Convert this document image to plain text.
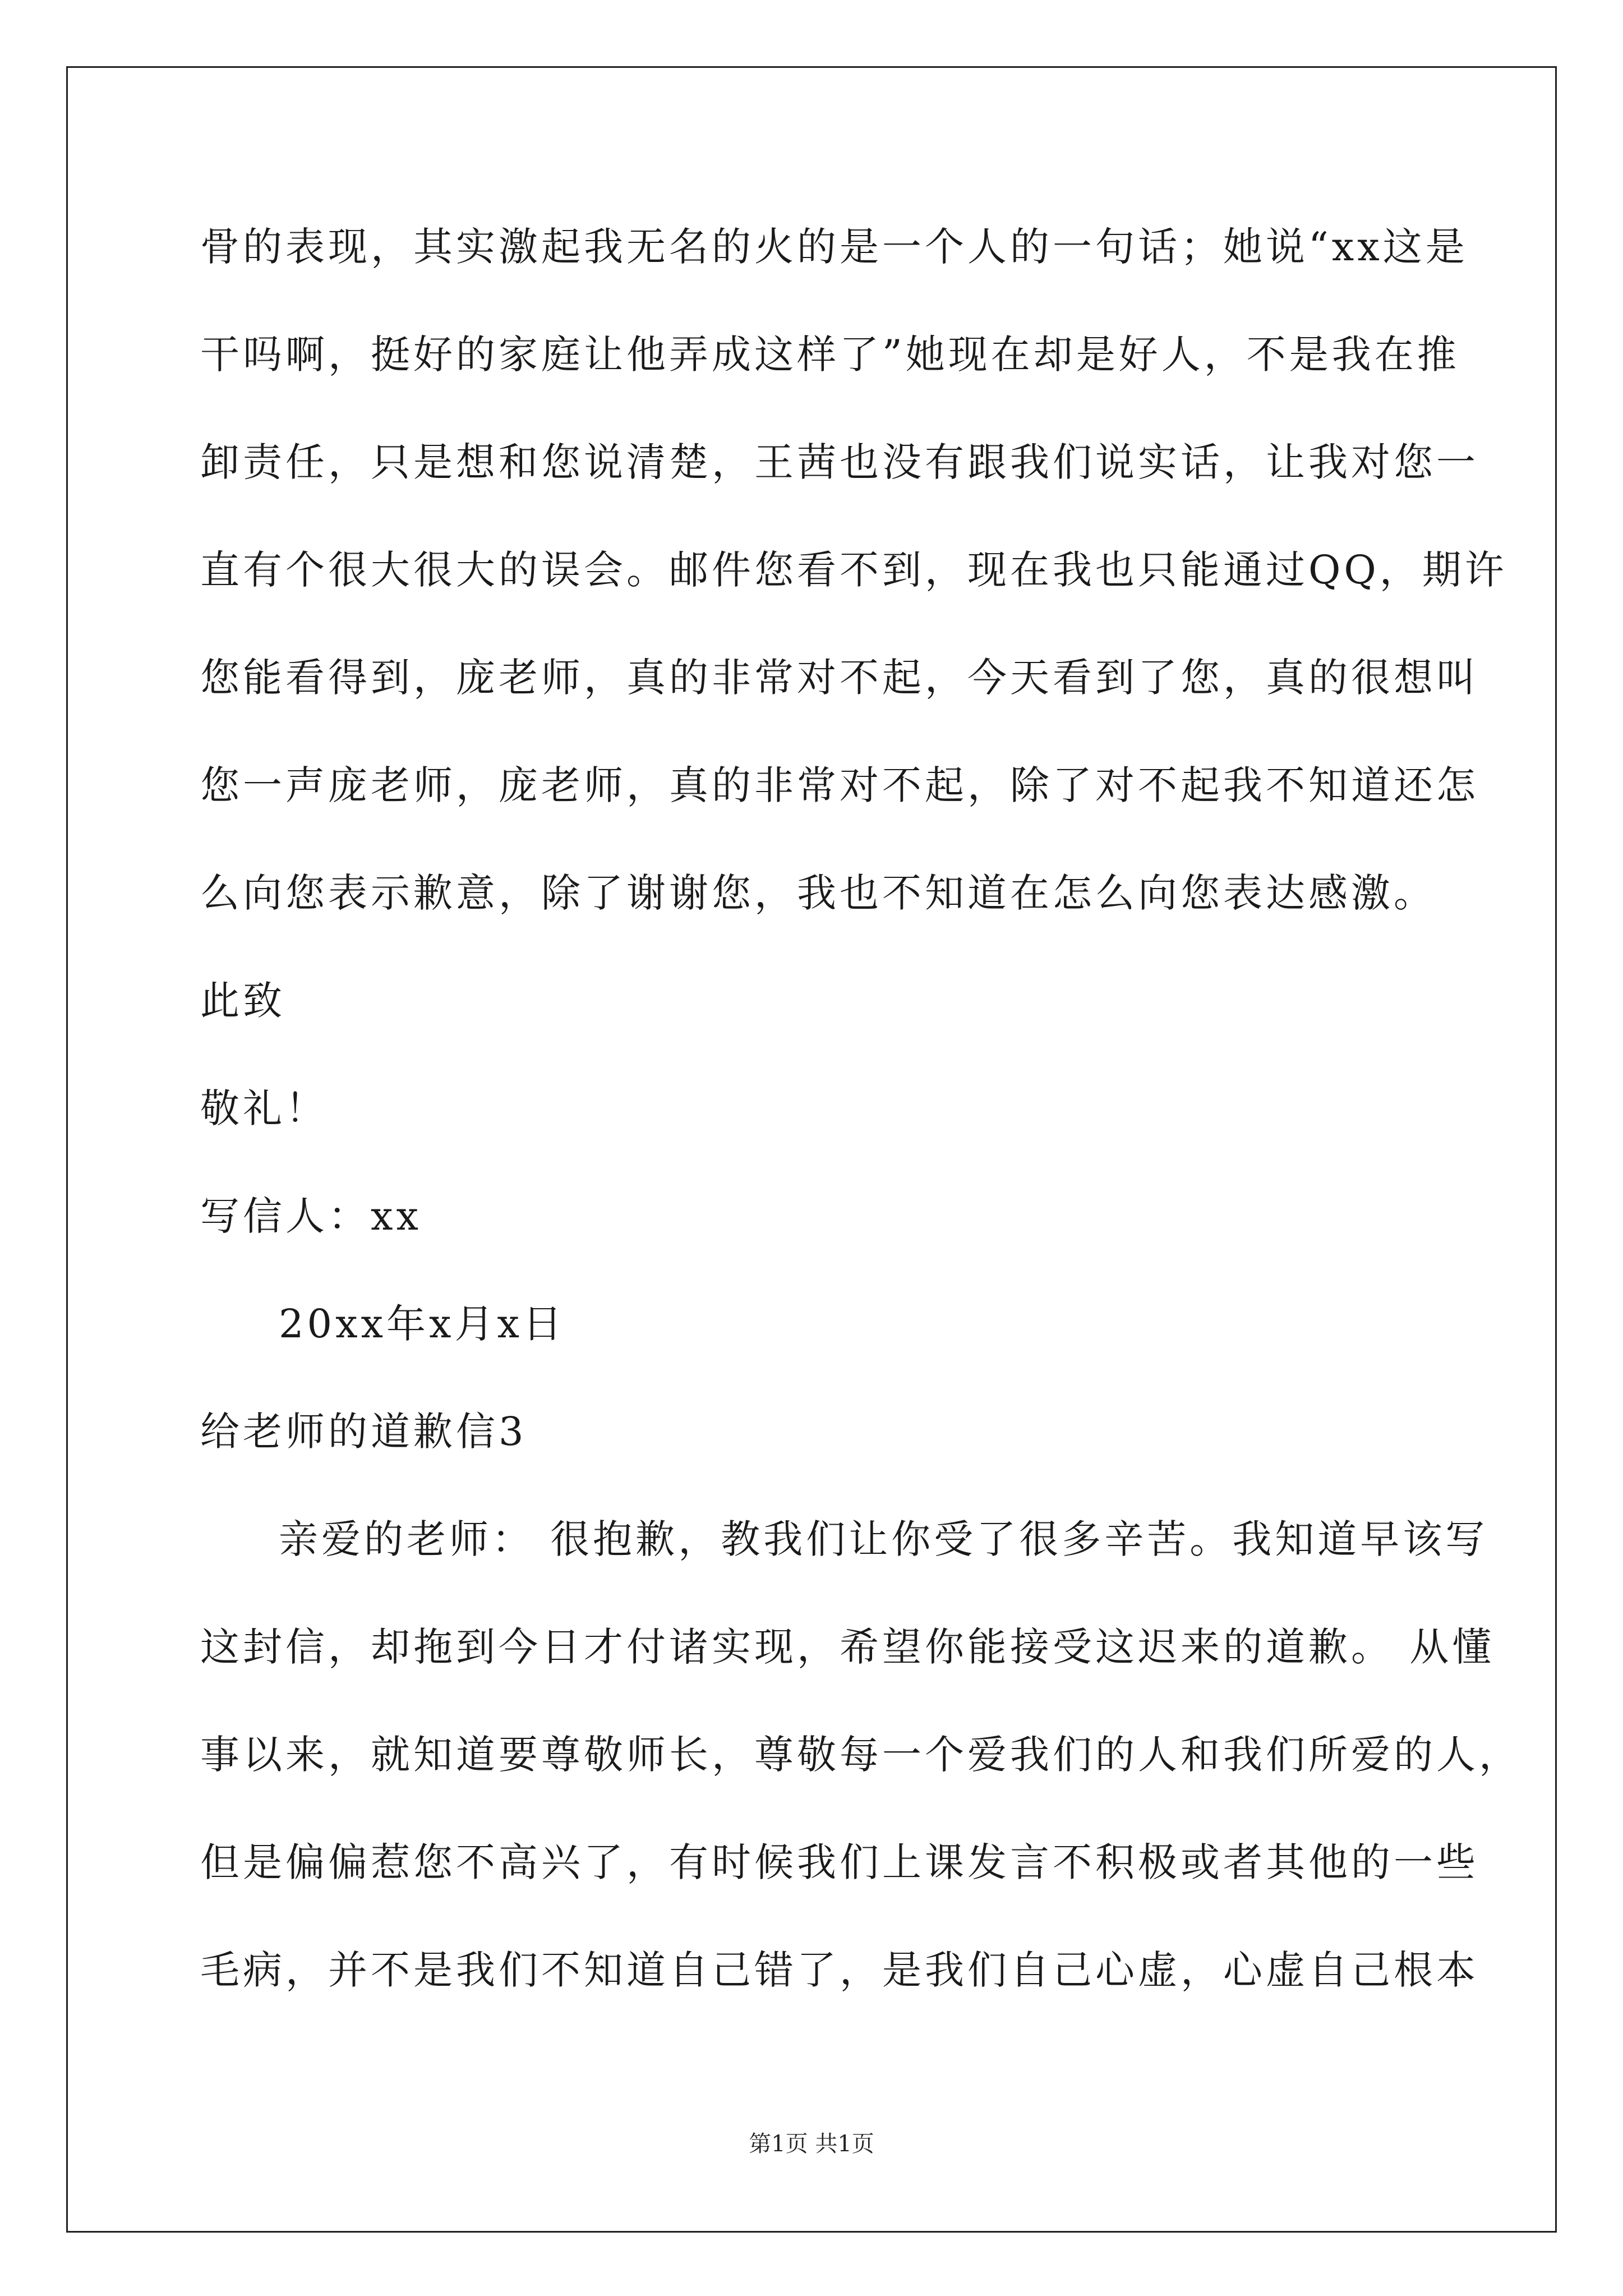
骨的表现，其实激起我无名的火的是一个人的一句话；她说“xx这是
干吗啊，挺好的家庭让他弄成这样了”她现在却是好人，不是我在推
卸责任，只是想和您说清楚，王茜也没有跟我们说实话，让我对您一
直有个很大很大的误会。邮件您看不到，现在我也只能通过QQ，期许
您能看得到，庞老师，真的非常对不起，今天看到了您，真的很想叫
您一声庞老师，庞老师，真的非常对不起，除了对不起我不知道还怎
么向您表示歉意，除了谢谢您，我也不知道在怎么向您表达感激。
此致
敬礼！
写信人：xx
20xx年x月x日
给老师的道歉信3
亲爱的老师： 很抱歉，教我们让你受了很多辛苦。我知道早该写
这封信，却拖到今日才付诸实现，希望你能接受这迟来的道歉。 从懂
事以来，就知道要尊敬师长，尊敬每一个爱我们的人和我们所爱的人，
但是偏偏惹您不高兴了，有时候我们上课发言不积极或者其他的一些
毛病，并不是我们不知道自己错了，是我们自己心虚，心虚自己根本
第1页 共1页
